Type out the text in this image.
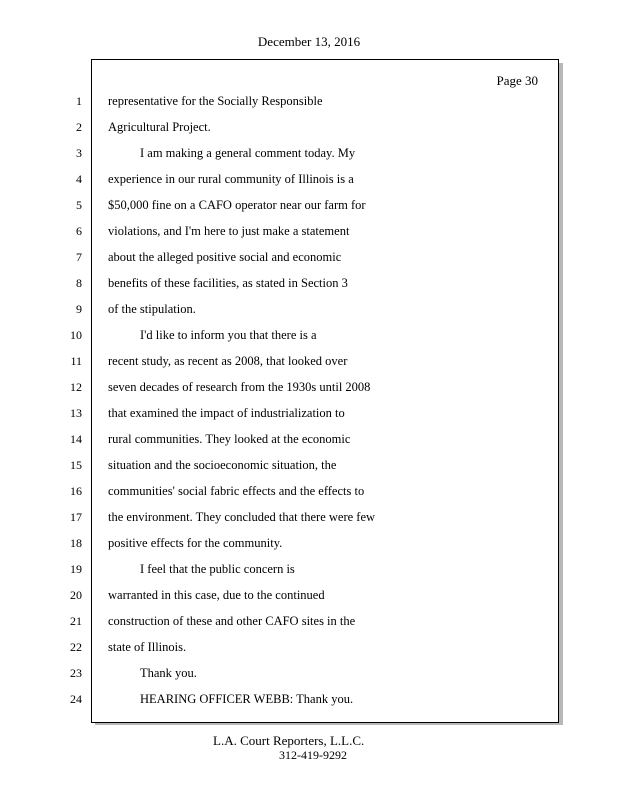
December 13, 2016
Page 30
1 representative for the Socially Responsible
2 Agricultural Project.
3	I am making a general comment today. My
4 experience in our rural community of Illinois is a
5 $50,000 fine on a CAFO operator near our farm for
6 violations, and I'm here to just make a statement
7 about the alleged positive social and economic
8 benefits of these facilities, as stated in Section 3
9 of the stipulation.
10	I'd like to inform you that there is a
11 recent study, as recent as 2008, that looked over
12 seven decades of research from the 1930s until 2008
13 that examined the impact of industrialization to
14 rural communities. They looked at the economic
15 situation and the socioeconomic situation, the
16 communities' social fabric effects and the effects to
17 the environment. They concluded that there were few
18 positive effects for the community.
19	I feel that the public concern is
20 warranted in this case, due to the continued
21 construction of these and other CAFO sites in the
22 state of Illinois.
23	Thank you.
24	HEARING OFFICER WEBB: Thank you.
L.A. Court Reporters, L.L.C.
312-419-9292
